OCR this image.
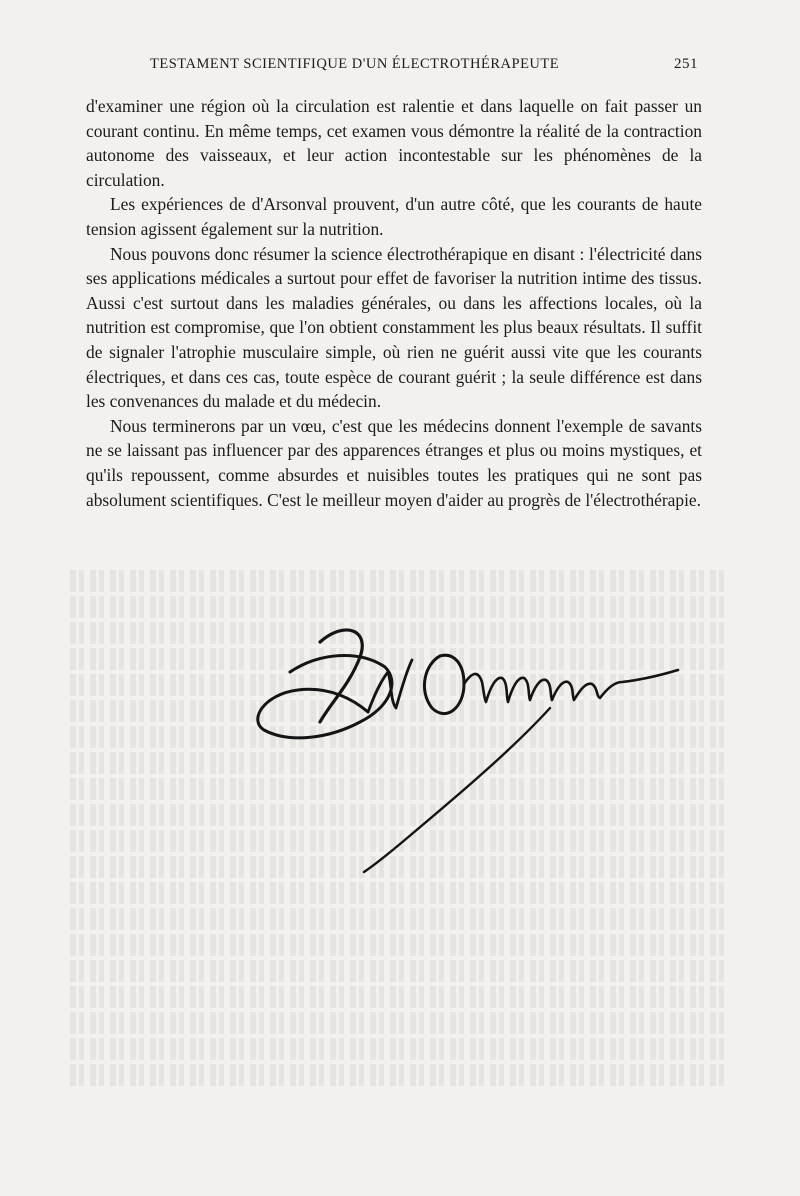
TESTAMENT SCIENTIFIQUE D'UN ÉLECTROTHÉRAPEUTE	251

d'examiner une région où la circulation est ralentie et dans laquelle on fait passer un courant continu. En même temps, cet examen vous démontre la réalité de la contraction autonome des vaisseaux, et leur action incontestable sur les phénomènes de la circulation.

Les expériences de d'Arsonval prouvent, d'un autre côté, que les courants de haute tension agissent également sur la nutrition.

Nous pouvons donc résumer la science électrothérapique en disant : l'électricité dans ses applications médicales a surtout pour effet de favoriser la nutrition intime des tissus. Aussi c'est surtout dans les maladies générales, ou dans les affections locales, où la nutrition est compromise, que l'on obtient constamment les plus beaux résultats. Il suffit de signaler l'atrophie musculaire simple, où rien ne guérit aussi vite que les courants électriques, et dans ces cas, toute espèce de courant guérit ; la seule différence est dans les convenances du malade et du médecin.

Nous terminerons par un vœu, c'est que les médecins donnent l'exemple de savants ne se laissant pas influencer par des apparences étranges et plus ou moins mystiques, et qu'ils repoussent, comme absurdes et nuisibles toutes les pratiques qui ne sont pas absolument scientifiques. C'est le meilleur moyen d'aider au progrès de l'électrothérapie.
